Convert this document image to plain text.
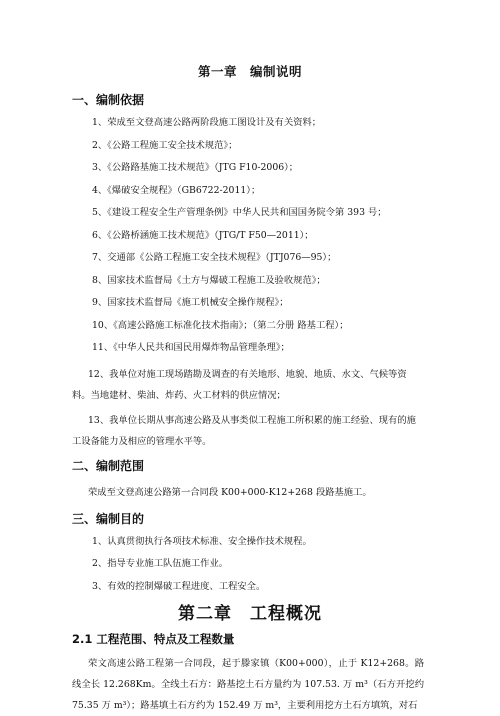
第一章　编制说明
一、编制依据
1、荣成至文登高速公路两阶段施工图设计及有关资料；
2、《公路工程施工安全技术规范》；
3、《公路路基施工技术规范》（JTG F10-2006）；
4、《爆破安全规程》（GB6722-2011）；
5、《建设工程安全生产管理条例》中华人民共和国国务院令第 393 号；
6、《公路桥涵施工技术规范》（JTG/T F50—2011）；
7、交通部《公路工程施工安全技术规程》（JTJ076—95）；
8、国家技术监督局《土方与爆破工程施工及验收规范》；
9、国家技术监督局《施工机械安全操作规程》；
10、《高速公路施工标准化技术指南》；（第二分册 路基工程）；
11、《中华人民共和国民用爆炸物品管理条理》；
12、我单位对施工现场踏勘及调查的有关地形、地貌、地质、水文、气候等资料。当地建材、柴油、炸药、火工材料的供应情况；
13、我单位长期从事高速公路及从事类似工程施工所积累的施工经验、现有的施工设备能力及相应的管理水平等。
二、编制范围
荣成至文登高速公路第一合同段 K00+000-K12+268 段路基施工。
三、编制目的
1、认真贯彻执行各项技术标准、安全操作技术规程。
2、指导专业施工队伍施工作业。
3、有效的控制爆破工程进度、工程安全。
第二章　工程概况
2.1 工程范围、特点及工程数量
荣文高速公路工程第一合同段，起于滕家镇（K00+000），止于 K12+268。路线全长 12.268Km。全线土石方：路基挖土石方量约为 107.53. 万 m³（石方开挖约 75.35 万 m³）；路基填土石方约为 152.49 万 m³，主要利用挖方土石方填筑，对石
